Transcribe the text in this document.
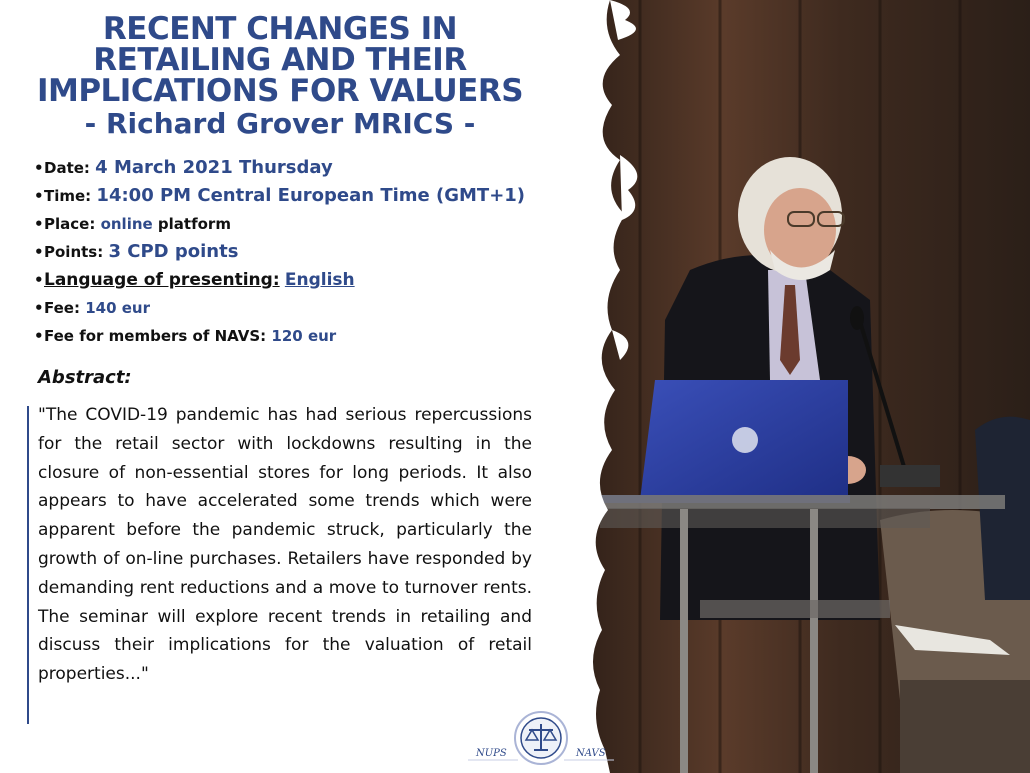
RECENT CHANGES IN
RETAILING AND THEIR
IMPLICATIONS FOR VALUERS
- Richard Grover MRICS -
•Date: 4 March 2021 Thursday
•Time: 14:00 PM Central European Time (GMT+1)
•Place: online platform
•Points: 3 CPD points
•Language of presenting: English
•Fee: 140 eur
•Fee for members of NAVS: 120 eur
Abstract:
"The COVID-19 pandemic has had serious repercussions for the retail sector with lockdowns resulting in the closure of non-essential stores for long periods. It also appears to have accelerated some trends which were apparent before the pandemic struck, particularly the growth of on-line purchases. Retailers have responded by demanding rent reductions and a move to turnover rents. The seminar will explore recent trends in retailing and discuss their implications for the valuation of retail properties..."
NUPS	NAVS
